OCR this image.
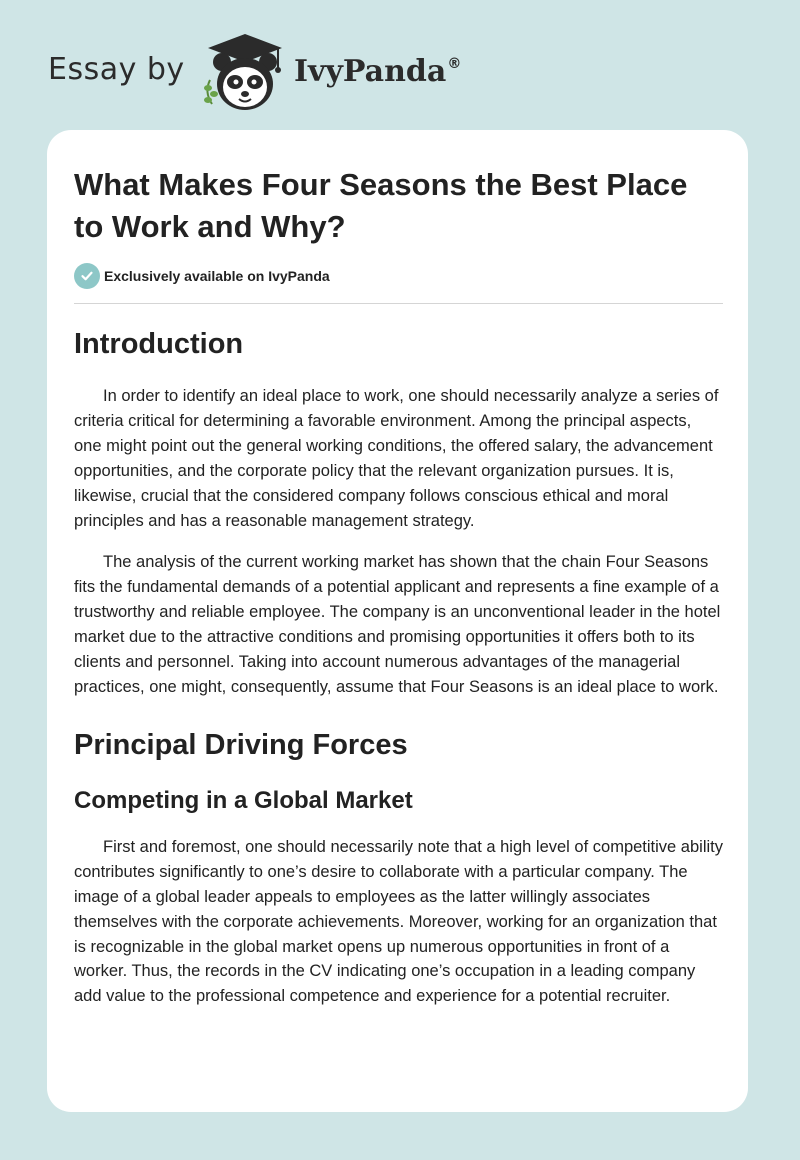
Essay by	IvyPanda®
What Makes Four Seasons the Best Place to Work and Why?
Exclusively available on IvyPanda
Introduction

In order to identify an ideal place to work, one should necessarily analyze a series of criteria critical for determining a favorable environment. Among the principal aspects, one might point out the general working conditions, the offered salary, the advancement opportunities, and the corporate policy that the relevant organization pursues. It is, likewise, crucial that the considered company follows conscious ethical and moral principles and has a reasonable management strategy.

The analysis of the current working market has shown that the chain Four Seasons fits the fundamental demands of a potential applicant and represents a fine example of a trustworthy and reliable employee. The company is an unconventional leader in the hotel market due to the attractive conditions and promising opportunities it offers both to its clients and personnel. Taking into account numerous advantages of the managerial practices, one might, consequently, assume that Four Seasons is an ideal place to work.

Principal Driving Forces
Competing in a Global Market

First and foremost, one should necessarily note that a high level of competitive ability contributes significantly to one’s desire to collaborate with a particular company. The image of a global leader appeals to employees as the latter willingly associates themselves with the corporate achievements. Moreover, working for an organization that is recognizable in the global market opens up numerous opportunities in front of a worker. Thus, the records in the CV indicating one’s occupation in a leading company add value to the professional competence and experience for a potential recruiter.
